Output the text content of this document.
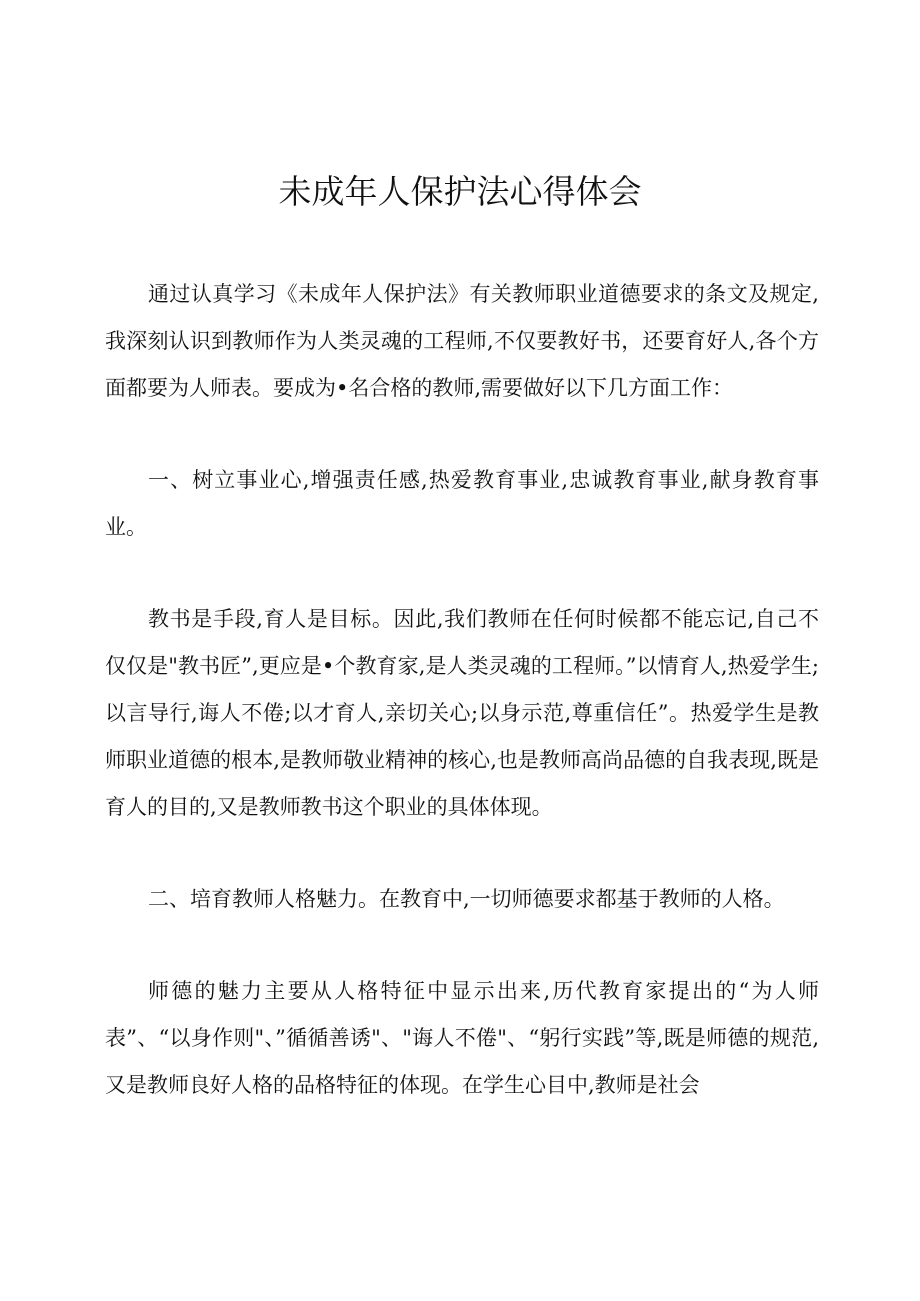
未成年人保护法心得体会

通过认真学习《未成年人保护法》有关教师职业道德要求的条文及规定,我深刻认识到教师作为人类灵魂的工程师,不仅要教好书，还要育好人,各个方面都要为人师表。要成为•名合格的教师,需要做好以下几方面工作：

一、树立事业心,增强责任感,热爱教育事业,忠诚教育事业,献身教育事业。

教书是手段,育人是目标。因此,我们教师在任何时候都不能忘记,自己不仅仅是"教书匠”,更应是•个教育家,是人类灵魂的工程师。”以情育人,热爱学生;以言导行,诲人不倦;以才育人,亲切关心;以身示范,尊重信任”。热爱学生是教师职业道德的根本,是教师敬业精神的核心,也是教师高尚品德的自我表现,既是育人的目的,又是教师教书这个职业的具体体现。

二、培育教师人格魅力。在教育中,一切师德要求都基于教师的人格。

师德的魅力主要从人格特征中显示出来,历代教育家提出的“为人师表”、“以身作则"、”循循善诱"、"诲人不倦"、“躬行实践”等,既是师德的规范,又是教师良好人格的品格特征的体现。在学生心目中,教师是社会
